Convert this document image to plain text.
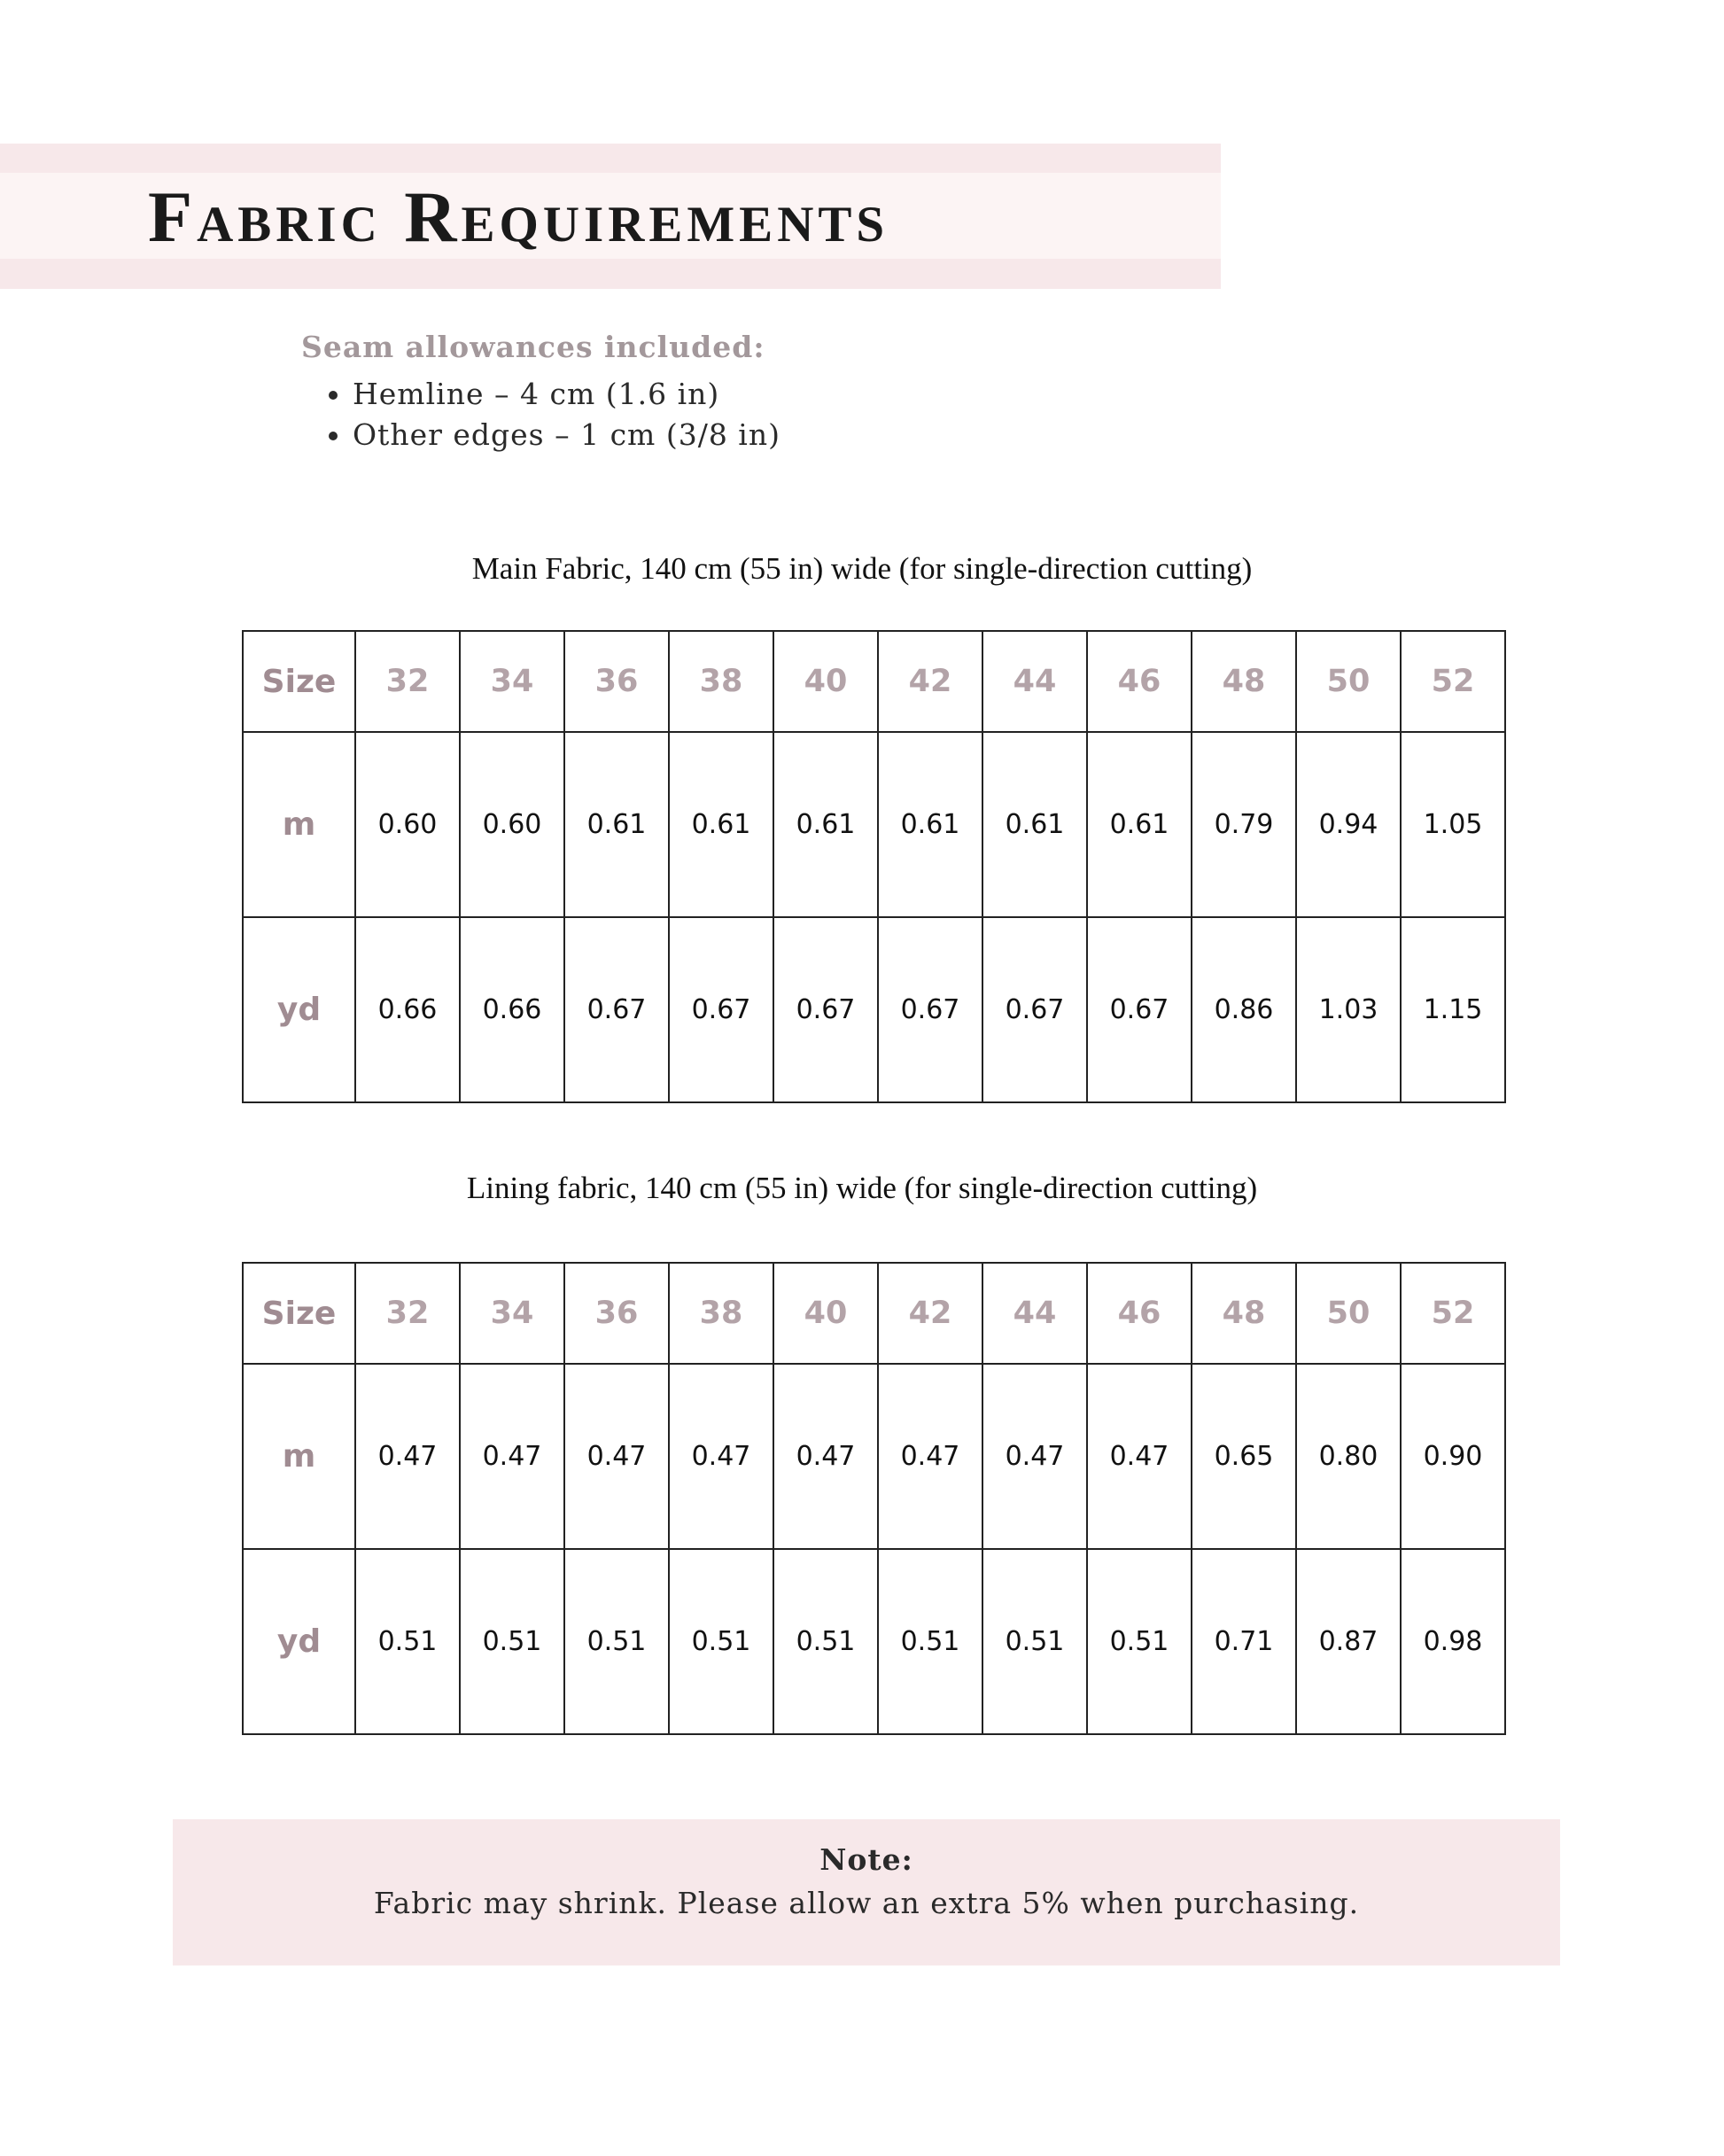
Fabric Requirements
Seam allowances included:
• Hemline – 4 cm (1.6 in)
• Other edges – 1 cm (3/8 in)
Main Fabric, 140 cm (55 in) wide (for single-direction cutting)
Size	32	34	36	38	40	42	44	46	48	50	52
m	0.60	0.60	0.61	0.61	0.61	0.61	0.61	0.61	0.79	0.94	1.05
yd	0.66	0.66	0.67	0.67	0.67	0.67	0.67	0.67	0.86	1.03	1.15
Lining fabric, 140 cm (55 in) wide (for single-direction cutting)
Size	32	34	36	38	40	42	44	46	48	50	52
m	0.47	0.47	0.47	0.47	0.47	0.47	0.47	0.47	0.65	0.80	0.90
yd	0.51	0.51	0.51	0.51	0.51	0.51	0.51	0.51	0.71	0.87	0.98
Note:
Fabric may shrink. Please allow an extra 5% when purchasing.
